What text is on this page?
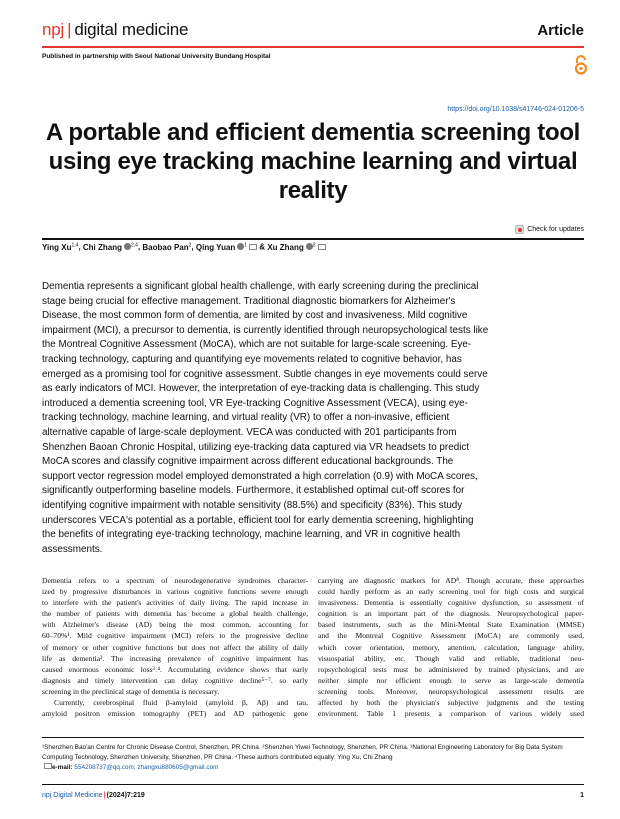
npj | digital medicine	Article
Published in partnership with Seoul National University Bundang Hospital
https://doi.org/10.1038/s41746-024-01206-5
A portable and efficient dementia screening tool using eye tracking machine learning and virtual reality
Check for updates
Ying Xu$^{1,4}$, Chi Zhang $^{2,4}$, Baobao Pan$^2$, Qing Yuan $^1$ & Xu Zhang $^3$
Dementia represents a significant global health challenge, with early screening during the preclinical
stage being crucial for effective management. Traditional diagnostic biomarkers for Alzheimer's
Disease, the most common form of dementia, are limited by cost and invasiveness. Mild cognitive
impairment (MCI), a precursor to dementia, is currently identified through neuropsychological tests like
the Montreal Cognitive Assessment (MoCA), which are not suitable for large-scale screening. Eye-
tracking technology, capturing and quantifying eye movements related to cognitive behavior, has
emerged as a promising tool for cognitive assessment. Subtle changes in eye movements could serve
as early indicators of MCI. However, the interpretation of eye-tracking data is challenging. This study
introduced a dementia screening tool, VR Eye-tracking Cognitive Assessment (VECA), using eye-
tracking technology, machine learning, and virtual reality (VR) to offer a non-invasive, efficient
alternative capable of large-scale deployment. VECA was conducted with 201 participants from
Shenzhen Baoan Chronic Hospital, utilizing eye-tracking data captured via VR headsets to predict
MoCA scores and classify cognitive impairment across different educational backgrounds. The
support vector regression model employed demonstrated a high correlation (0.9) with MoCA scores,
significantly outperforming baseline models. Furthermore, it established optimal cut-off scores for
identifying cognitive impairment with notable sensitivity (88.5%) and specificity (83%). This study
underscores VECA's potential as a portable, efficient tool for early dementia screening, highlighting
the benefits of integrating eye-tracking technology, machine learning, and VR in cognitive health
assessments.
Dementia refers to a spectrum of neurodegenerative syndromes character-
ized by progressive disturbances in various cognitive functions severe enough
to interfere with the patient's activities of daily living. The rapid increase in
the number of patients with dementia has become a global health challenge,
with Alzheimer's disease (AD) being the most common, accounting for
60–70%¹. Mild cognitive impairment (MCI) refers to the progressive decline
of memory or other cognitive functions but does not affect the ability of daily
life as dementia². The increasing prevalence of cognitive impairment has
caused enormous economic loss³˒⁴. Accumulating evidence shows that early
diagnosis and timely intervention can delay cognitive decline⁵⁻⁷. so early
screening in the preclinical stage of dementia is necessary.
Currently, cerebrospinal fluid β-amyloid (amyloid β, Aβ) and tau,
amyloid positron emission tomography (PET) and AD pathogenic gene
carrying are diagnostic markers for AD⁸. Though accurate, these approaches
could hardly perform as an early screening tool for high costs and surgical
invasiveness. Dementia is essentially cognitive dysfunction, so assessment of
cognition is an important part of the diagnosis. Neuropsychological paper-
based instruments, such as the Mini-Mental State Examination (MMSE)
and the Montreal Cognitive Assessment (MoCA) are commonly used,
which cover orientation, memory, attention, calculation, language ability,
visuospatial ability, etc. Though valid and reliable, traditional neu-
ropsychological tests must be administered by trained physicians, and are
neither simple nor efficient enough to serve as large-scale dementia
screening tools. Moreover, neuropsychological assessment results are
affected by both the physician's subjective judgments and the testing
environment. Table 1 presents a comparison of various widely used
¹Shenzhen Bao'an Centre for Chronic Disease Control, Shenzhen, PR China. ²Shenzhen Yiwei Technology, Shenzhen, PR China. ³National Engineering Laboratory for Big Data System Computing Technology, Shenzhen University, Shenzhen, PR China. ⁴These authors contributed equally: Ying Xu, Chi Zhang
e-mail: 554208737@qq.com; zhangxu880605@gmail.com
npj Digital Medicine|(2024)7:219	1
